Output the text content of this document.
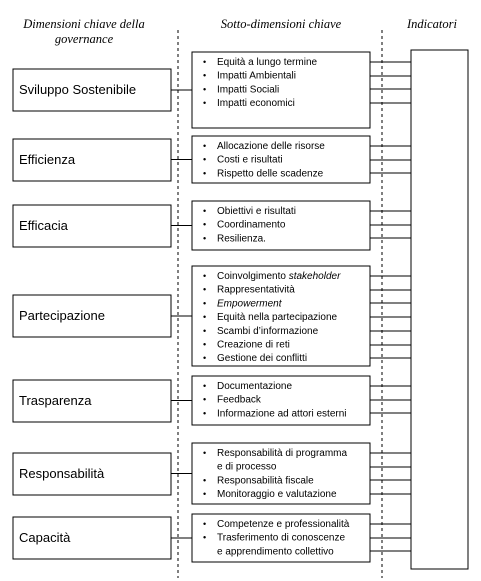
Dimensioni chiave della governance
Sotto-dimensioni chiave	Indicatori
Sviluppo Sostenibile
• Equità a lungo termine
• Impatti Ambientali
• Impatti Sociali
• Impatti economici
Efficienza
• Allocazione delle risorse
• Costi e risultati
• Rispetto delle scadenze
Efficacia
• Obiettivi e risultati
• Coordinamento
• Resilienza.
Partecipazione
• Coinvolgimento stakeholder
• Rappresentatività
• Empowerment
• Equità nella partecipazione
• Scambi d’informazione
• Creazione di reti
• Gestione dei conflitti
Trasparenza
• Documentazione
• Feedback
• Informazione ad attori esterni
Responsabilità
• Responsabilità di programma
e di processo
• Responsabilità fiscale
• Monitoraggio e valutazione
Capacità
• Competenze e professionalità
• Trasferimento di conoscenze
e apprendimento collettivo
